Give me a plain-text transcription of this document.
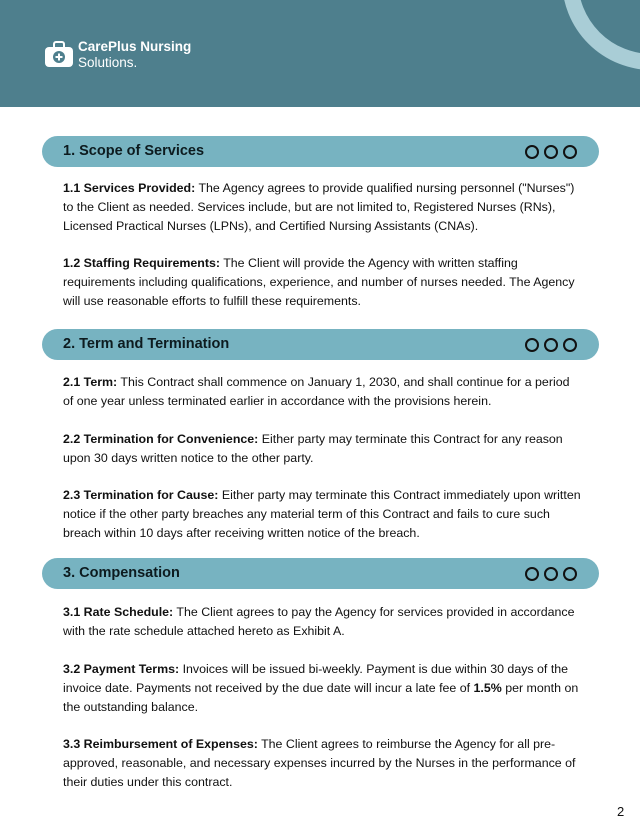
CarePlus Nursing
Solutions.
1. Scope of Services

1.1 Services Provided: The Agency agrees to provide qualified nursing personnel ("Nurses") to the Client as needed. Services include, but are not limited to, Registered Nurses (RNs), Licensed Practical Nurses (LPNs), and Certified Nursing Assistants (CNAs).

1.2 Staffing Requirements: The Client will provide the Agency with written staffing requirements including qualifications, experience, and number of nurses needed. The Agency will use reasonable efforts to fulfill these requirements.

2. Term and Termination

2.1 Term: This Contract shall commence on January 1, 2030, and shall continue for a period of one year unless terminated earlier in accordance with the provisions herein.

2.2 Termination for Convenience: Either party may terminate this Contract for any reason upon 30 days written notice to the other party.

2.3 Termination for Cause: Either party may terminate this Contract immediately upon written notice if the other party breaches any material term of this Contract and fails to cure such breach within 10 days after receiving written notice of the breach.

3. Compensation

3.1 Rate Schedule: The Client agrees to pay the Agency for services provided in accordance with the rate schedule attached hereto as Exhibit A.

3.2 Payment Terms: Invoices will be issued bi-weekly. Payment is due within 30 days of the invoice date. Payments not received by the due date will incur a late fee of 1.5% per month on the outstanding balance.

3.3 Reimbursement of Expenses: The Client agrees to reimburse the Agency for all pre-approved, reasonable, and necessary expenses incurred by the Nurses in the performance of their duties under this contract.

2
